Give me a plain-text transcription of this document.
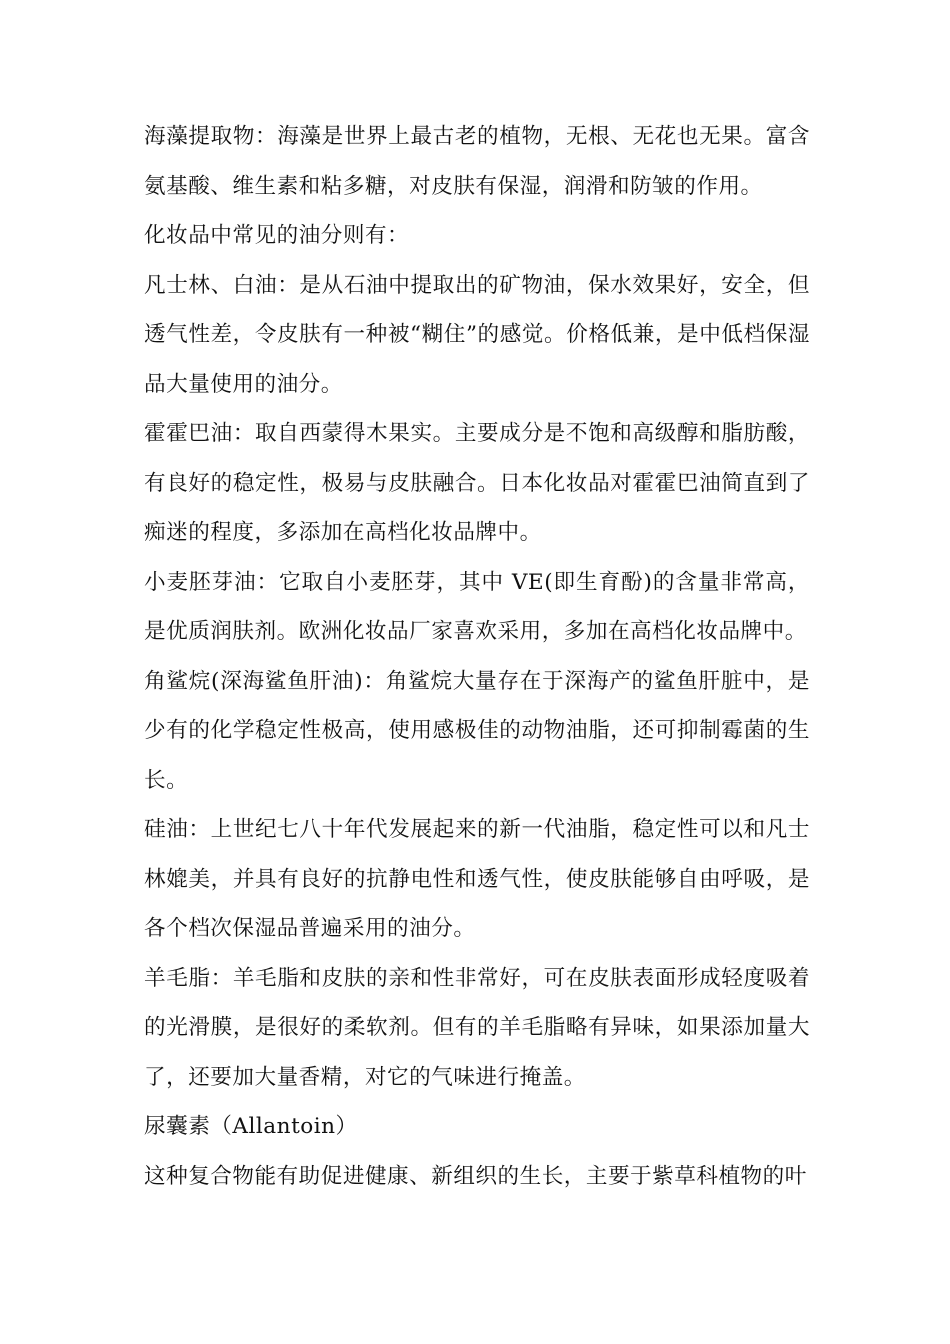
海藻提取物：海藻是世界上最古老的植物，无根、无花也无果。富含氨基酸、维生素和粘多糖，对皮肤有保湿，润滑和防皱的作用。

化妆品中常见的油分则有：

凡士林、白油：是从石油中提取出的矿物油，保水效果好，安全，但透气性差，令皮肤有一种被“糊住”的感觉。价格低兼，是中低档保湿品大量使用的油分。

霍霍巴油：取自西蒙得木果实。主要成分是不饱和高级醇和脂肪酸，有良好的稳定性，极易与皮肤融合。日本化妆品对霍霍巴油简直到了痴迷的程度，多添加在高档化妆品牌中。

小麦胚芽油：它取自小麦胚芽，其中 VE(即生育酚)的含量非常高，是优质润肤剂。欧洲化妆品厂家喜欢采用，多加在高档化妆品牌中。

角鲨烷(深海鲨鱼肝油)：角鲨烷大量存在于深海产的鲨鱼肝脏中，是少有的化学稳定性极高，使用感极佳的动物油脂，还可抑制霉菌的生长。

硅油：上世纪七八十年代发展起来的新一代油脂，稳定性可以和凡士林媲美，并具有良好的抗静电性和透气性，使皮肤能够自由呼吸，是各个档次保湿品普遍采用的油分。

羊毛脂：羊毛脂和皮肤的亲和性非常好，可在皮肤表面形成轻度吸着的光滑膜，是很好的柔软剂。但有的羊毛脂略有异味，如果添加量大了，还要加大量香精，对它的气味进行掩盖。

尿囊素（Allantoin）

这种复合物能有助促进健康、新组织的生长，主要于紫草科植物的叶
